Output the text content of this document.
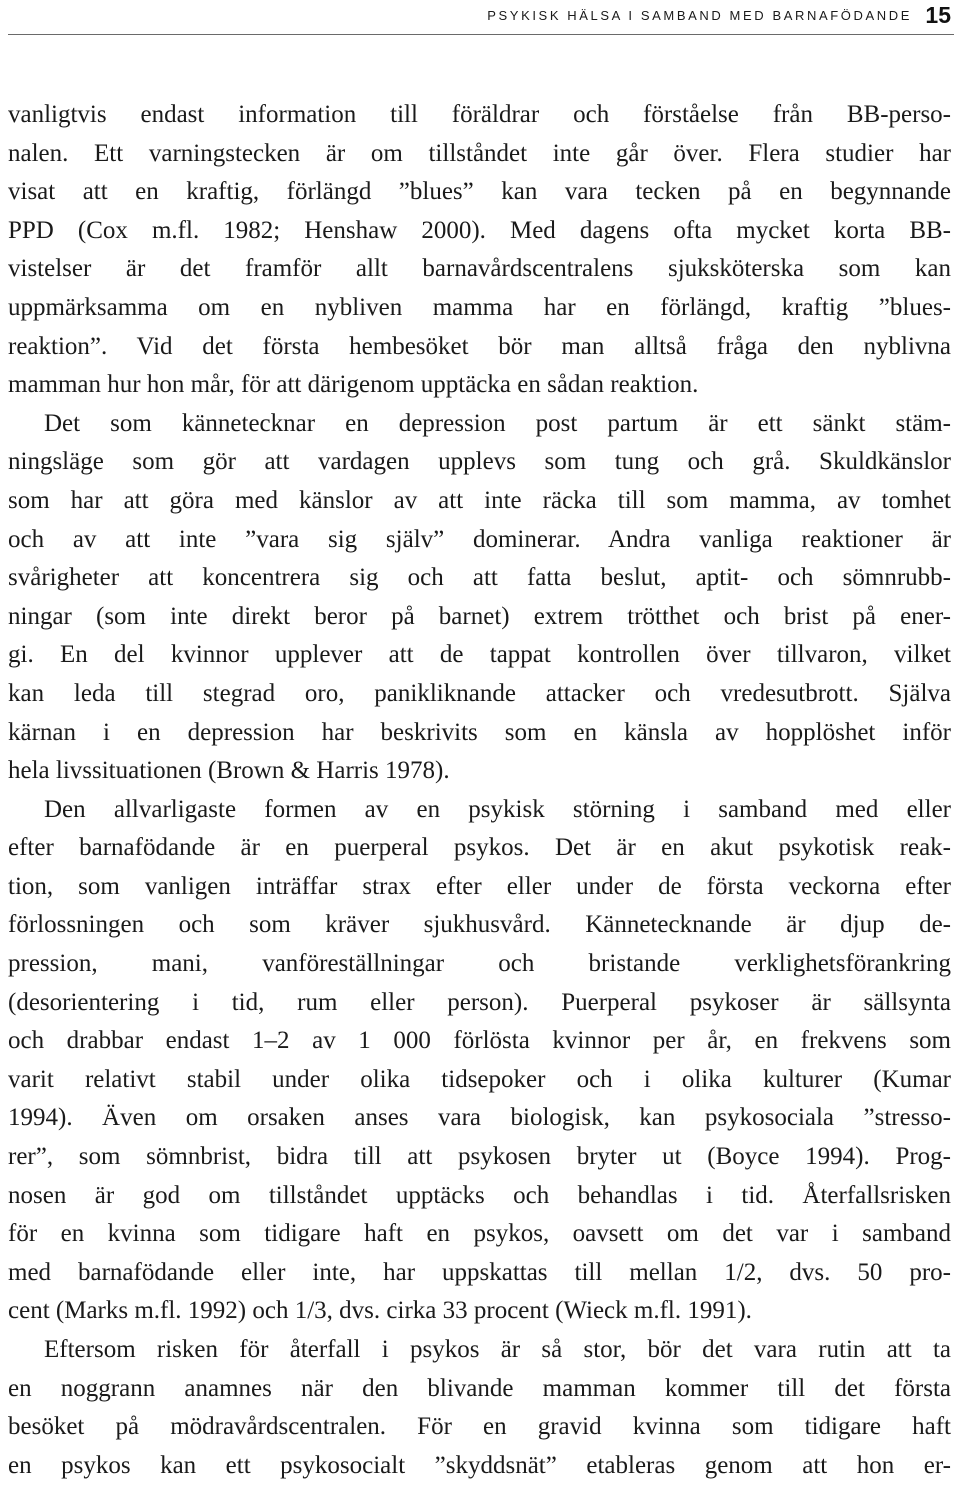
PSYKISK HÄLSA I SAMBAND MED BARNAFÖDANDE 15
vanligtvis endast information till föräldrar och förståelse från BB-perso-
nalen. Ett varningstecken är om tillståndet inte går över. Flera studier har
visat att en kraftig, förlängd ”blues” kan vara tecken på en begynnande
PPD (Cox m.fl. 1982; Henshaw 2000). Med dagens ofta mycket korta BB-
vistelser är det framför allt barnavårdscentralens sjuksköterska som kan
uppmärksamma om en nybliven mamma har en förlängd, kraftig ”blues-
reaktion”. Vid det första hembesöket bör man alltså fråga den nyblivna
mamman hur hon mår, för att därigenom upptäcka en sådan reaktion.
Det som kännetecknar en depression post partum är ett sänkt stäm-
ningsläge som gör att vardagen upplevs som tung och grå. Skuldkänslor
som har att göra med känslor av att inte räcka till som mamma, av tomhet
och av att inte ”vara sig själv” dominerar. Andra vanliga reaktioner är
svårigheter att koncentrera sig och att fatta beslut, aptit- och sömnrubb-
ningar (som inte direkt beror på barnet) extrem trötthet och brist på ener-
gi. En del kvinnor upplever att de tappat kontrollen över tillvaron, vilket
kan leda till stegrad oro, panikliknande attacker och vredesutbrott. Själva
kärnan i en depression har beskrivits som en känsla av hopplöshet inför
hela livssituationen (Brown & Harris 1978).
Den allvarligaste formen av en psykisk störning i samband med eller
efter barnafödande är en puerperal psykos. Det är en akut psykotisk reak-
tion, som vanligen inträffar strax efter eller under de första veckorna efter
förlossningen och som kräver sjukhusvård. Kännetecknande är djup de-
pression, mani, vanföreställningar och bristande verklighetsförankring
(desorientering i tid, rum eller person). Puerperal psykoser är sällsynta
och drabbar endast 1–2 av 1 000 förlösta kvinnor per år, en frekvens som
varit relativt stabil under olika tidsepoker och i olika kulturer (Kumar
1994). Även om orsaken anses vara biologisk, kan psykosociala ”stresso-
rer”, som sömnbrist, bidra till att psykosen bryter ut (Boyce 1994). Prog-
nosen är god om tillståndet upptäcks och behandlas i tid. Återfallsrisken
för en kvinna som tidigare haft en psykos, oavsett om det var i samband
med barnafödande eller inte, har uppskattas till mellan 1/2, dvs. 50 pro-
cent (Marks m.fl. 1992) och 1/3, dvs. cirka 33 procent (Wieck m.fl. 1991).
Eftersom risken för återfall i psykos är så stor, bör det vara rutin att ta
en noggrann anamnes när den blivande mamman kommer till det första
besöket på mödravårdscentralen. För en gravid kvinna som tidigare haft
en psykos kan ett psykosocialt ”skyddsnät” etableras genom att hon er-
